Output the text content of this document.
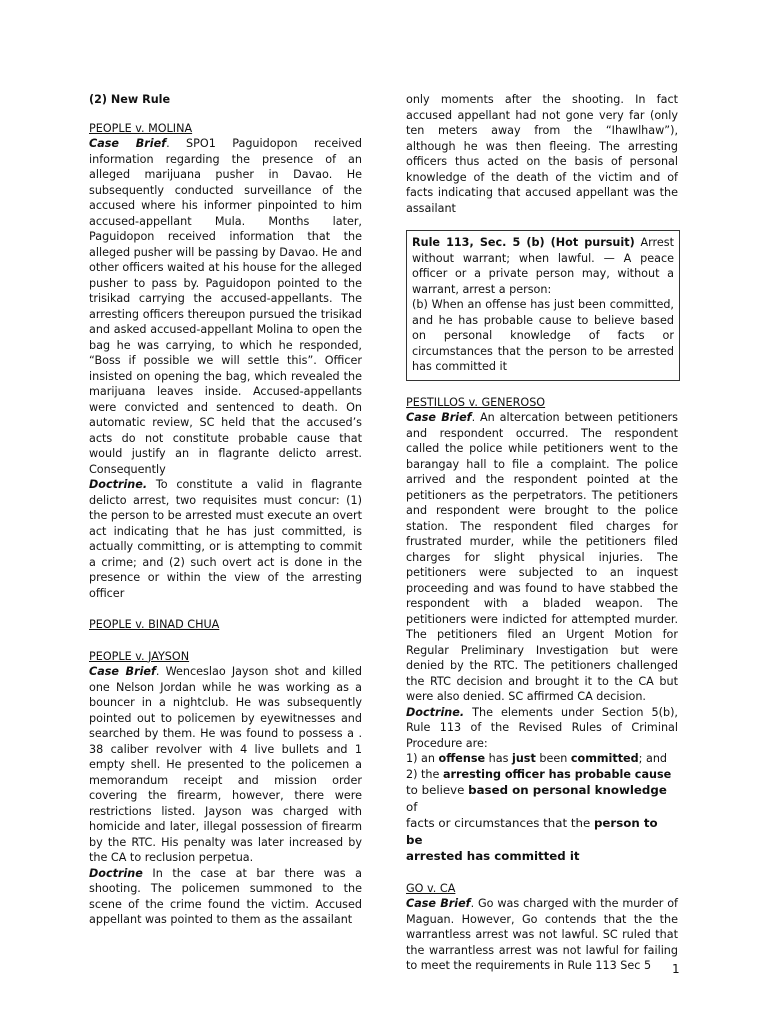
(2) New Rule

PEOPLE v. MOLINA

Case Brief. SPO1 Paguidopon received information regarding the presence of an alleged marijuana pusher in Davao. He subsequently conducted surveillance of the accused where his informer pinpointed to him accused-appellant Mula. Months later, Paguidopon received information that the alleged pusher will be passing by Davao. He and other officers waited at his house for the alleged pusher to pass by. Paguidopon pointed to the trisikad carrying the accused-appellants. The arresting officers thereupon pursued the trisikad and asked accused-appellant Molina to open the bag he was carrying, to which he responded, “Boss if possible we will settle this”. Officer insisted on opening the bag, which revealed the marijuana leaves inside. Accused-appellants were convicted and sentenced to death. On automatic review, SC held that the accused’s acts do not constitute probable cause that would justify an in flagrante delicto arrest. Consequently

Doctrine. To constitute a valid in flagrante delicto arrest, two requisites must concur: (1) the person to be arrested must execute an overt act indicating that he has just committed, is actually committing, or is attempting to commit a crime; and (2) such overt act is done in the presence or within the view of the arresting officer

PEOPLE v. BINAD CHUA

PEOPLE v. JAYSON

Case Brief. Wenceslao Jayson shot and killed one Nelson Jordan while he was working as a bouncer in a nightclub. He was subsequently pointed out to policemen by eyewitnesses and searched by them. He was found to possess a . 38 caliber revolver with 4 live bullets and 1 empty shell. He presented to the policemen a memorandum receipt and mission order covering the firearm, however, there were restrictions listed. Jayson was charged with homicide and later, illegal possession of firearm by the RTC. His penalty was later increased by the CA to reclusion perpetua.

Doctrine In the case at bar there was a shooting. The policemen summoned to the scene of the crime found the victim. Accused appellant was pointed to them as the assailant

only moments after the shooting. In fact accused appellant had not gone very far (only ten meters away from the “Ihawlhaw”), although he was then fleeing. The arresting officers thus acted on the basis of personal knowledge of the death of the victim and of facts indicating that accused appellant was the assailant

Rule 113, Sec. 5 (b) (Hot pursuit) Arrest without warrant; when lawful. — A peace officer or a private person may, without a warrant, arrest a person:

(b) When an offense has just been committed, and he has probable cause to believe based on personal knowledge of facts or circumstances that the person to be arrested has committed it

PESTILLOS v. GENEROSO

Case Brief. An altercation between petitioners and respondent occurred. The respondent called the police while petitioners went to the barangay hall to file a complaint. The police arrived and the respondent pointed at the petitioners as the perpetrators. The petitioners and respondent were brought to the police station. The respondent filed charges for frustrated murder, while the petitioners filed charges for slight physical injuries. The petitioners were subjected to an inquest proceeding and was found to have stabbed the respondent with a bladed weapon. The petitioners were indicted for attempted murder. The petitioners filed an Urgent Motion for Regular Preliminary Investigation but were denied by the RTC. The petitioners challenged the RTC decision and brought it to the CA but were also denied. SC affirmed CA decision.

Doctrine. The elements under Section 5(b), Rule 113 of the Revised Rules of Criminal Procedure are:

1) an offense has just been committed; and
2) the arresting officer has probable cause
to believe based on personal knowledge of
facts or circumstances that the person to be
arrested has committed it

GO v. CA

Case Brief. Go was charged with the murder of Maguan. However, Go contends that the the warrantless arrest was not lawful. SC ruled that the warrantless arrest was not lawful for failing to meet the requirements in Rule 113 Sec 5	1
